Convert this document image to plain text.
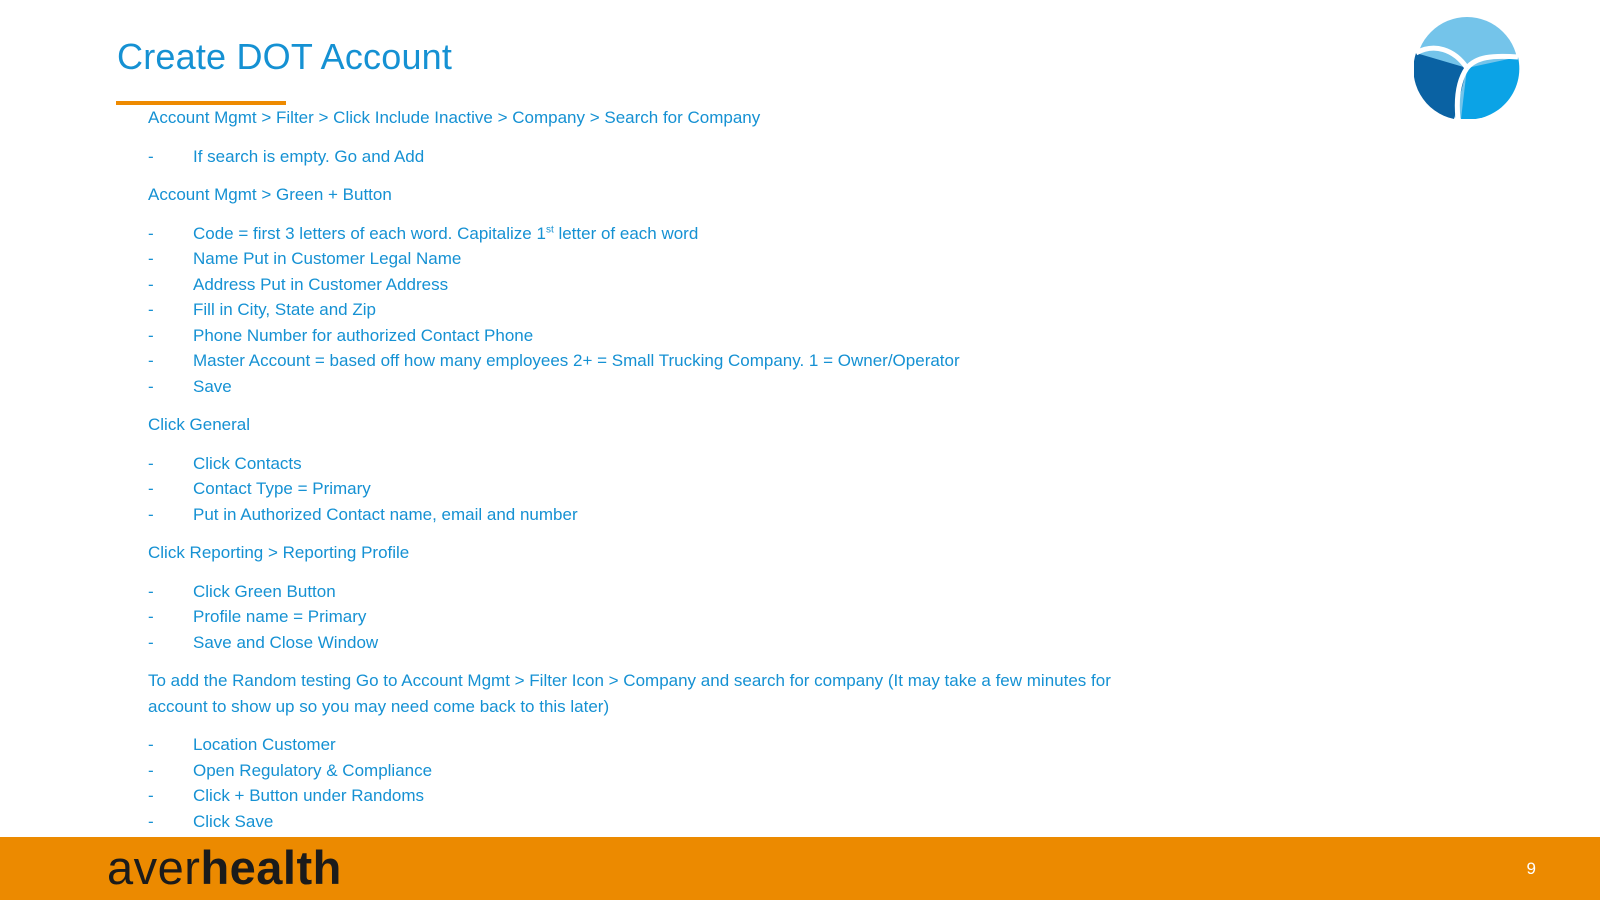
Create DOT Account

Account Mgmt > Filter > Click Include Inactive > Company > Search for Company

- If search is empty. Go and Add

Account Mgmt > Green + Button

- Code = first 3 letters of each word. Capitalize 1st letter of each word
- Name Put in Customer Legal Name
- Address Put in Customer Address
- Fill in City, State and Zip
- Phone Number for authorized Contact Phone
- Master Account = based off how many employees 2+ = Small Trucking Company. 1 = Owner/Operator
- Save

Click General

- Click Contacts
- Contact Type = Primary
- Put in Authorized Contact name, email and number

Click Reporting > Reporting Profile

- Click Green Button
- Profile name = Primary
- Save and Close Window

To add the Random testing Go to Account Mgmt > Filter Icon > Company and search for company (It may take a few minutes for account to show up so you may need come back to this later)

- Location Customer
- Open Regulatory & Compliance
- Click + Button under Randoms
- Click Save
averhealth	9
